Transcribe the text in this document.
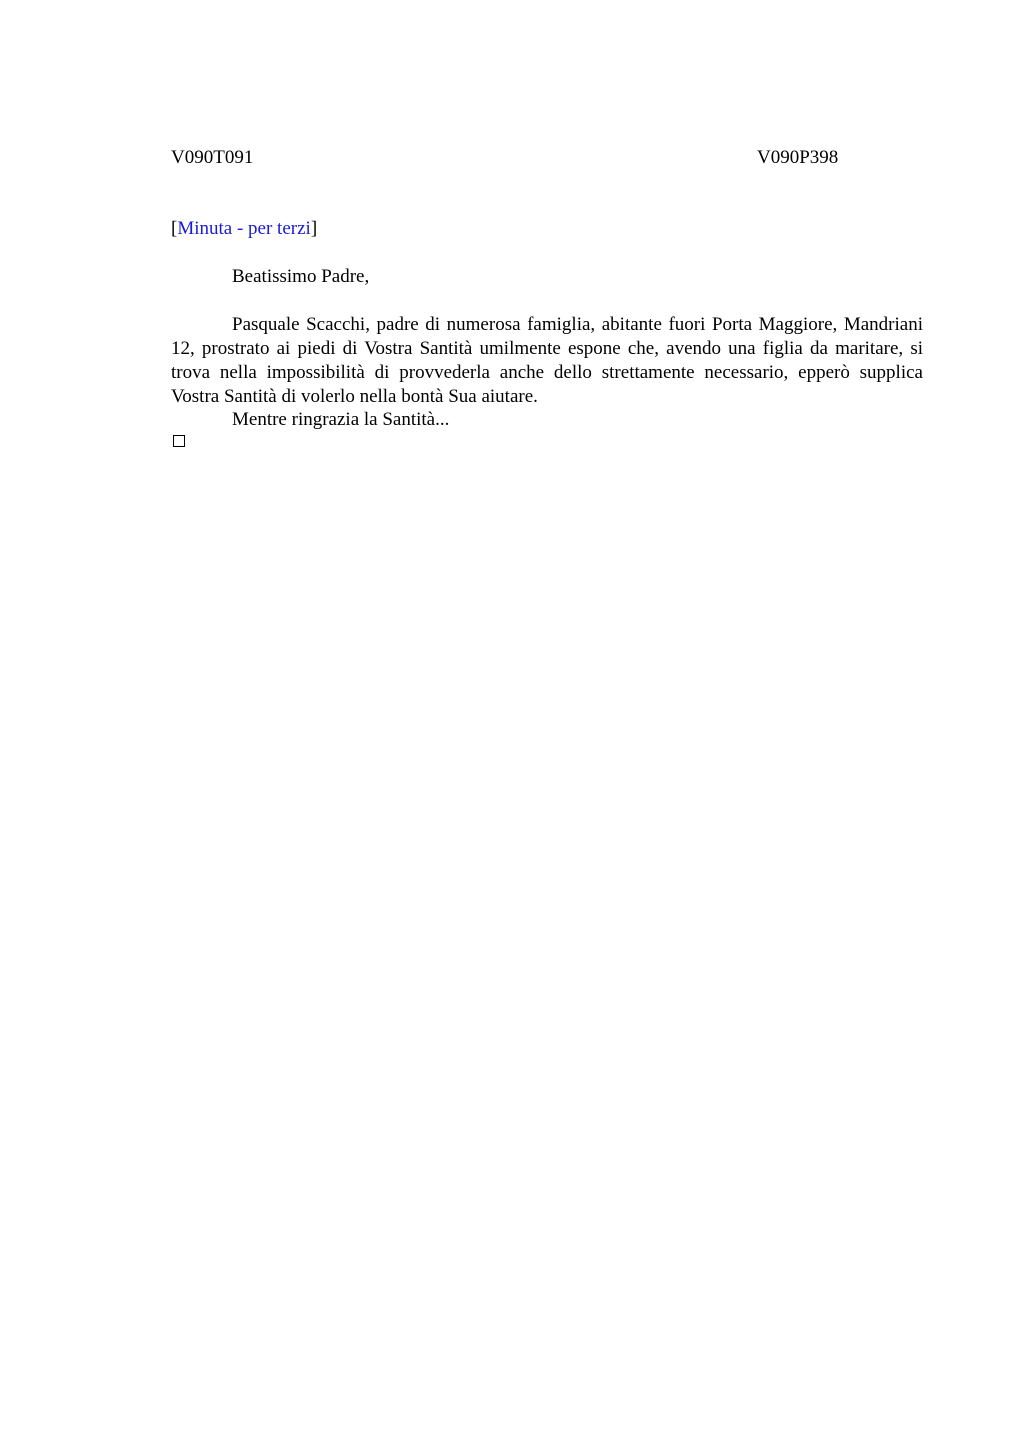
V090T091	V090P398
[Minuta - per terzi]
Beatissimo Padre,

Pasquale Scacchi, padre di numerosa famiglia, abitante fuori Porta Maggiore, Mandriani 12, prostrato ai piedi di Vostra Santità umilmente espone che, avendo una figlia da maritare, si trova nella impossibilità di provvederla anche dello strettamente necessario, epperò supplica Vostra Santità di volerlo nella bontà Sua aiutare.

Mentre ringrazia la Santità...
